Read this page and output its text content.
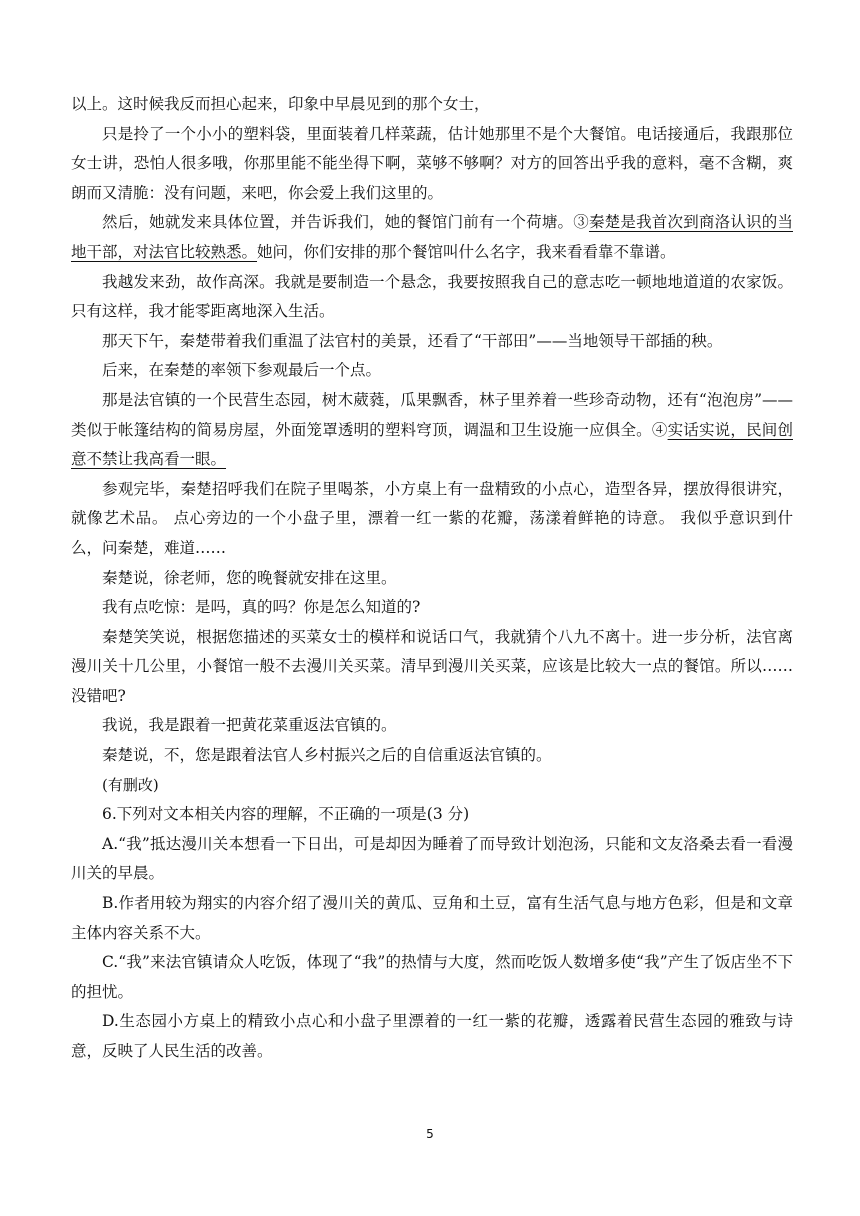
以上。这时候我反而担心起来，印象中早晨见到的那个女士，

只是拎了一个小小的塑料袋，里面装着几样菜蔬，估计她那里不是个大餐馆。电话接通后，我跟那位女士讲，恐怕人很多哦，你那里能不能坐得下啊，菜够不够啊？对方的回答出乎我的意料，毫不含糊，爽朗而又清脆：没有问题，来吧，你会爱上我们这里的。

然后，她就发来具体位置，并告诉我们，她的餐馆门前有一个荷塘。③秦楚是我首次到商洛认识的当地干部，对法官比较熟悉。她问，你们安排的那个餐馆叫什么名字，我来看看靠不靠谱。

我越发来劲，故作高深。我就是要制造一个悬念，我要按照我自己的意志吃一顿地地道道的农家饭。只有这样，我才能零距离地深入生活。

那天下午，秦楚带着我们重温了法官村的美景，还看了“干部田”——当地领导干部插的秧。

后来，在秦楚的率领下参观最后一个点。

那是法官镇的一个民营生态园，树木葳蕤，瓜果飘香，林子里养着一些珍奇动物，还有“泡泡房”——类似于帐篷结构的简易房屋，外面笼罩透明的塑料穹顶，调温和卫生设施一应俱全。④实话实说，民间创意不禁让我高看一眼。

参观完毕，秦楚招呼我们在院子里喝茶，小方桌上有一盘精致的小点心，造型各异，摆放得很讲究，就像艺术品。 点心旁边的一个小盘子里，漂着一红一紫的花瓣，荡漾着鲜艳的诗意。 我似乎意识到什么，问秦楚，难道……

秦楚说，徐老师，您的晚餐就安排在这里。

我有点吃惊：是吗，真的吗？你是怎么知道的?

秦楚笑笑说，根据您描述的买菜女士的模样和说话口气，我就猜个八九不离十。进一步分析，法官离漫川关十几公里，小餐馆一般不去漫川关买菜。清早到漫川关买菜，应该是比较大一点的餐馆。所以……没错吧?

我说，我是跟着一把黄花菜重返法官镇的。

秦楚说，不，您是跟着法官人乡村振兴之后的自信重返法官镇的。

(有删改)

6.下列对文本相关内容的理解，不正确的一项是(3 分)

A.“我”抵达漫川关本想看一下日出，可是却因为睡着了而导致计划泡汤，只能和文友洛桑去看一看漫川关的早晨。

B.作者用较为翔实的内容介绍了漫川关的黄瓜、豆角和土豆，富有生活气息与地方色彩，但是和文章主体内容关系不大。

C.“我”来法官镇请众人吃饭，体现了“我”的热情与大度，然而吃饭人数增多使“我”产生了饭店坐不下的担忧。

D.生态园小方桌上的精致小点心和小盘子里漂着的一红一紫的花瓣，透露着民营生态园的雅致与诗意，反映了人民生活的改善。

5
